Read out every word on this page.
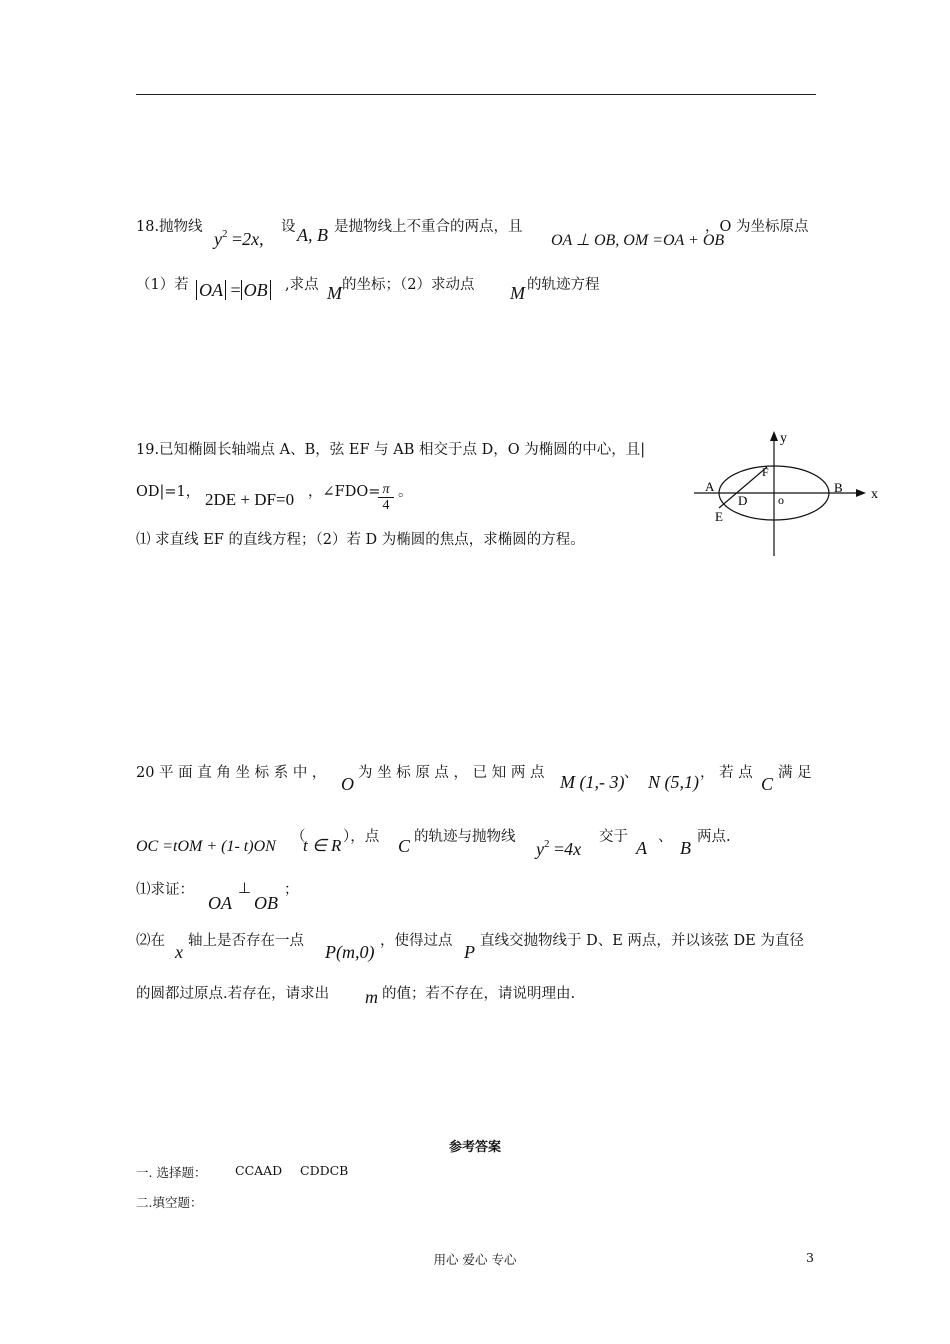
18.抛物线
$y^2 =2x$,
设 A, B 是抛物线上不重合的两点，且
OA ⊥ OB, OM =OA + OB
，O 为坐标原点
（1）若 OA = OB ,求点 M 的坐标；（2）求动点 M 的轨迹方程
19.已知椭圆长轴端点 A、B，弦 EF 与 AB 相交于点 D，O 为椭圆的中心，且|
OD|=1， 2DE + DF=0 ，∠FDO=
$\frac{\pi}{4}$ 。
⑴ 求直线 EF 的直线方程；（2）若 D 为椭圆的焦点，求椭圆的方程。
y
x
A	B
F
D	o
E
20 平 面 直 角 坐 标 系 中 ，
O
为 坐 标 原 点 ， 已 知 两 点 M (1,- 3) 、 N (5,1) ， 若 点
C
满 足
OC =tOM + (1- t)ON
（
t ∈ R ），点 C 的轨迹与抛物线
$y^2 =4x$
交于
A
、
B
两点.
⑴求证：
OA
⊥
OB
；
⑵在
x
轴上是否存在一点
P(m,0)
，使得过点
P
直线交抛物线于 D、E 两点，并以该弦 DE 为直径
的圆都过原点.若存在，请求出 m 的值；若不存在，请说明理由.
参考答案
一. 选择题： CCAAD CDDCB
二.填空题：
用心 爱心 专心	3
